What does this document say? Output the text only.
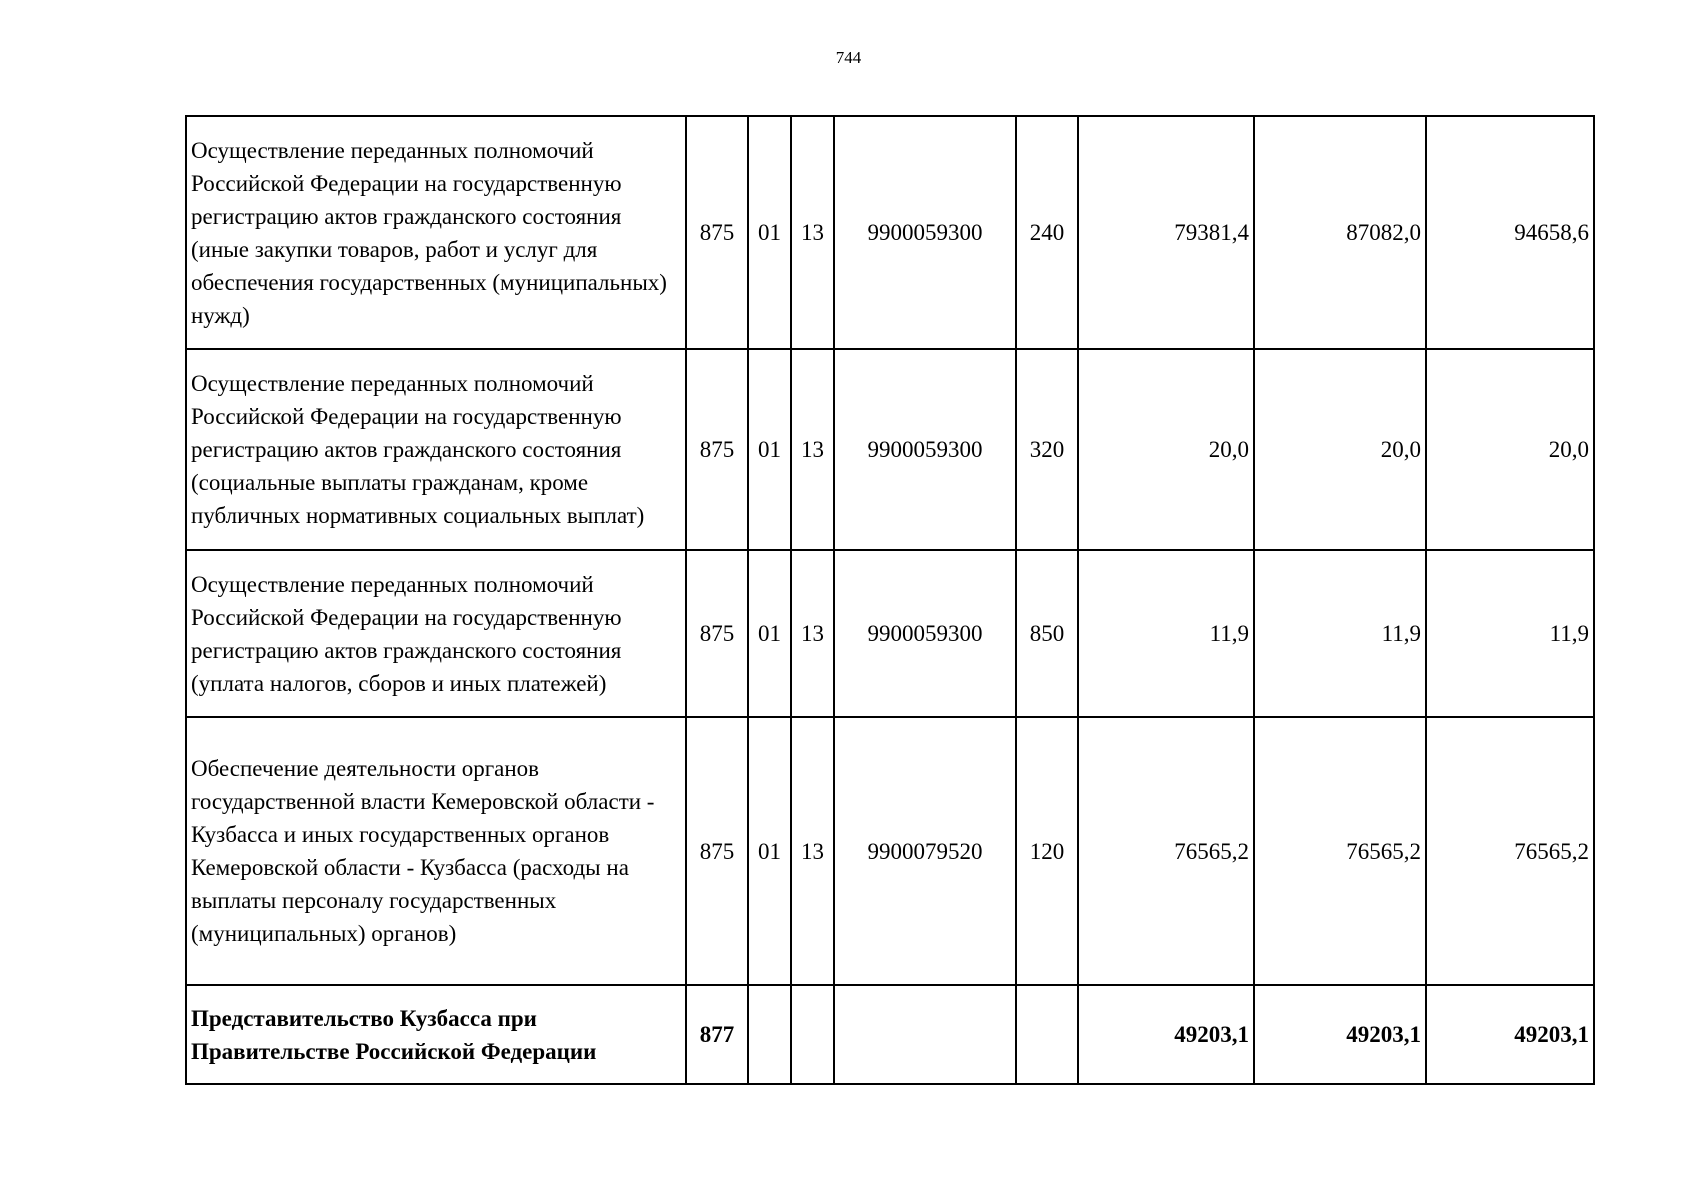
744
Осуществление переданных полномочий Российской Федерации на государственную регистрацию актов гражданского состояния (иные закупки товаров, работ и услуг для обеспечения государственных (муниципальных) нужд)	875	01	13	9900059300	240	79381,4	87082,0	94658,6
Осуществление переданных полномочий Российской Федерации на государственную регистрацию актов гражданского состояния (социальные выплаты гражданам, кроме публичных нормативных социальных выплат)	875	01	13	9900059300	320	20,0	20,0	20,0
Осуществление переданных полномочий Российской Федерации на государственную регистрацию актов гражданского состояния (уплата налогов, сборов и иных платежей)	875	01	13	9900059300	850	11,9	11,9	11,9
Обеспечение деятельности органов государственной власти Кемеровской области - Кузбасса и иных государственных органов Кемеровской области - Кузбасса (расходы на выплаты персоналу государственных (муниципальных) органов)	875	01	13	9900079520	120	76565,2	76565,2	76565,2
Представительство Кузбасса при Правительстве Российской Федерации	877					49203,1	49203,1	49203,1
